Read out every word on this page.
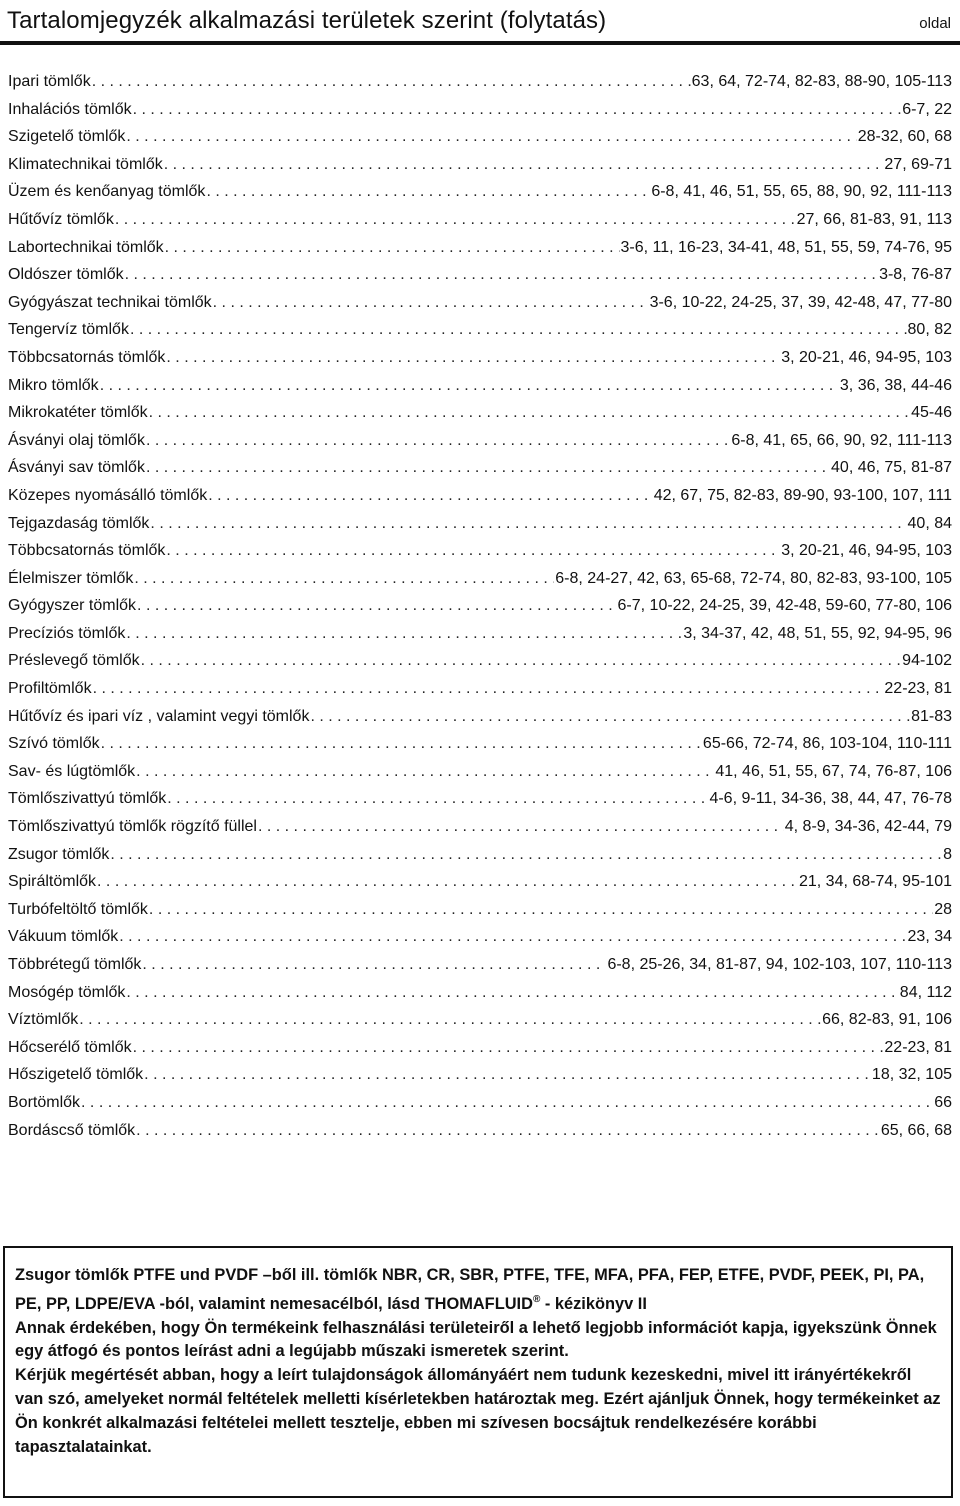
Tartalomjegyzék alkalmazási területek szerint (folytatás)	oldal
Ipari tömlők . . .	63, 64, 72-74, 82-83, 88-90, 105-113
Inhalációs tömlők . . .	6-7, 22
Szigetelő tömlők . . .	28-32, 60, 68
Klimatechnikai tömlők . . .	27, 69-71
Üzem és kenőanyag tömlők . . .	6-8, 41, 46, 51, 55, 65, 88, 90, 92, 111-113
Hűtővíz tömlők . . .	27, 66, 81-83, 91, 113
Labortechnikai tömlők . . .	3-6, 11, 16-23, 34-41, 48, 51, 55, 59, 74-76, 95
Oldószer tömlők . . .	3-8, 76-87
Gyógyászat technikai tömlők . . .	3-6, 10-22, 24-25, 37, 39, 42-48, 47, 77-80
Tengervíz tömlők . . .	80, 82
Többcsatornás tömlők . . .	3, 20-21, 46, 94-95, 103
Mikro tömlők . . .	3, 36, 38, 44-46
Mikrokatéter tömlők . . .	45-46
Ásványi olaj tömlők . . .	6-8, 41, 65, 66, 90, 92, 111-113
Ásványi sav tömlők . . .	40, 46, 75, 81-87
Közepes nyomásálló tömlők . . .	42, 67, 75, 82-83, 89-90, 93-100, 107, 111
Tejgazdaság tömlők . . .	40, 84
Többcsatornás tömlők . . .	3, 20-21, 46, 94-95, 103
Élelmiszer tömlők . . .	6-8, 24-27, 42, 63, 65-68, 72-74, 80, 82-83, 93-100, 105
Gyógyszer tömlők . . .	6-7, 10-22, 24-25, 39, 42-48, 59-60, 77-80, 106
Precíziós tömlők . . .	3, 34-37, 42, 48, 51, 55, 92, 94-95, 96
Préslevegő tömlők . . .	94-102
Profiltömlők . . .	22-23, 81
Hűtővíz és ipari víz , valamint vegyi tömlők . . .	81-83
Szívó tömlők . . .	65-66, 72-74, 86, 103-104, 110-111
Sav- és lúgtömlők . . .	41, 46, 51, 55, 67, 74, 76-87, 106
Tömlőszivattyú tömlők . . .	4-6, 9-11, 34-36, 38, 44, 47, 76-78
Tömlőszivattyú tömlők rögzítő füllel . . .	4, 8-9, 34-36, 42-44, 79
Zsugor tömlők . . .	8
Spiráltömlők . . .	21, 34, 68-74, 95-101
Turbófeltöltő tömlők . . .	28
Vákuum tömlők . . .	23, 34
Többrétegű tömlők . . .	6-8, 25-26, 34, 81-87, 94, 102-103, 107, 110-113
Mosógép tömlők . . .	84, 112
Víztömlők . . .	66, 82-83, 91, 106
Hőcserélő tömlők . . .	22-23, 81
Hőszigetelő tömlők . . .	18, 32, 105
Bortömlők . . .	66
Bordáscső tömlők . . .	65, 66, 68

Zsugor tömlők PTFE und PVDF –ből ill. tömlők NBR, CR, SBR, PTFE, TFE, MFA, PFA, FEP, ETFE, PVDF, PEEK, PI, PA, PE, PP, LDPE/EVA -ból, valamint nemesacélból, lásd THOMAFLUID® - kézikönyv II

Annak érdekében, hogy Ön termékeink felhasználási területeiről a lehető legjobb információt kapja, igyekszünk Önnek egy átfogó és pontos leírást adni a legújabb műszaki ismeretek szerint.

Kérjük megértését abban, hogy a leírt tulajdonságok állományáért nem tudunk kezeskedni, mivel itt irányértékekről van szó, amelyeket normál feltételek melletti kísérletekben határoztak meg. Ezért ajánljuk Önnek, hogy termékeinket az Ön konkrét alkalmazási feltételei mellett tesztelje, ebben mi szívesen bocsájtuk rendelkezésére korábbi tapasztalatainkat.
